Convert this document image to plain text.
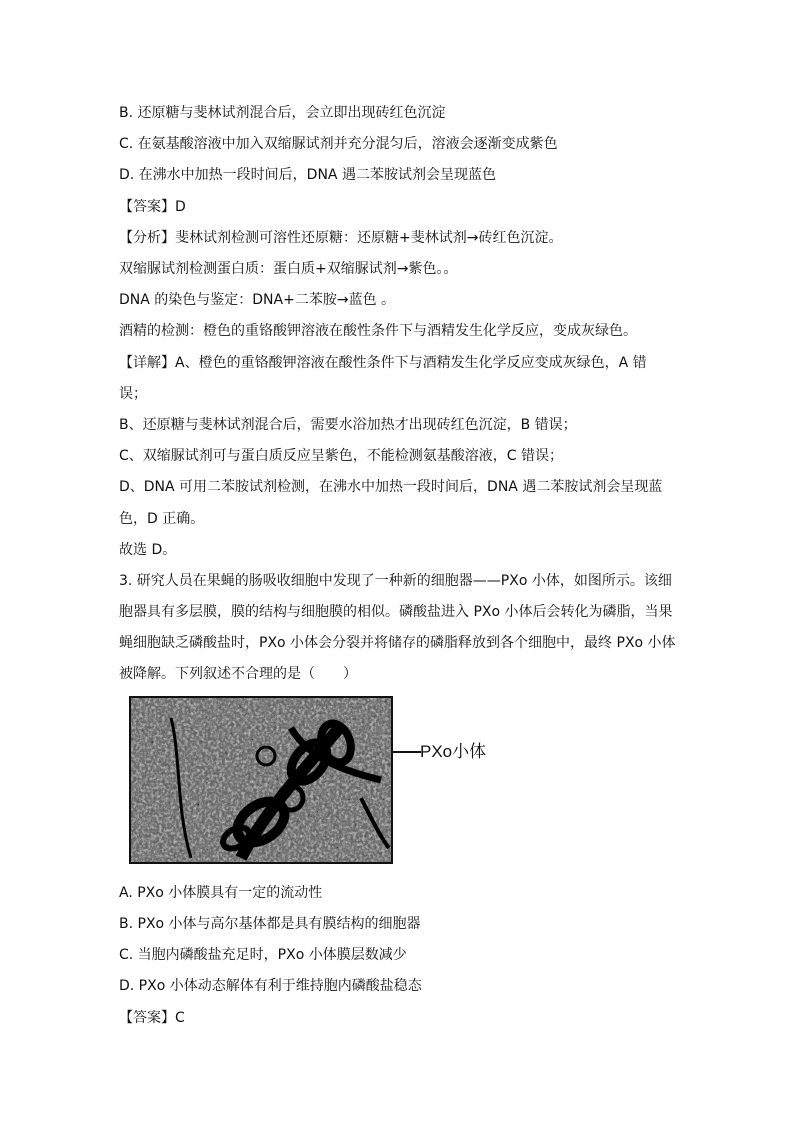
B. 还原糖与斐林试剂混合后，会立即出现砖红色沉淀
C. 在氨基酸溶液中加入双缩脲试剂并充分混匀后，溶液会逐渐变成紫色
D. 在沸水中加热一段时间后，DNA 遇二苯胺试剂会呈现蓝色
【答案】D
【分析】斐林试剂检测可溶性还原糖：还原糖+斐林试剂→砖红色沉淀。
双缩脲试剂检测蛋白质：蛋白质+双缩脲试剂→紫色。。
DNA 的染色与鉴定：DNA+二苯胺→蓝色 。
酒精的检测：橙色的重铬酸钾溶液在酸性条件下与酒精发生化学反应，变成灰绿色。
【详解】A、橙色的重铬酸钾溶液在酸性条件下与酒精发生化学反应变成灰绿色，A 错
误；
B、还原糖与斐林试剂混合后，需要水浴加热才出现砖红色沉淀，B 错误；
C、双缩脲试剂可与蛋白质反应呈紫色，不能检测氨基酸溶液，C 错误；
D、DNA 可用二苯胺试剂检测，在沸水中加热一段时间后，DNA 遇二苯胺试剂会呈现蓝
色，D 正确。
故选 D。
3. 研究人员在果蝇的肠吸收细胞中发现了一种新的细胞器——PXo 小体，如图所示。该细
胞器具有多层膜，膜的结构与细胞膜的相似。磷酸盐进入 PXo 小体后会转化为磷脂，当果
蝇细胞缺乏磷酸盐时，PXo 小体会分裂并将储存的磷脂释放到各个细胞中，最终 PXo 小体
被降解。下列叙述不合理的是（　　）
PXo小体
A. PXo 小体膜具有一定的流动性
B. PXo 小体与高尔基体都是具有膜结构的细胞器
C. 当胞内磷酸盐充足时，PXo 小体膜层数减少
D. PXo 小体动态解体有利于维持胞内磷酸盐稳态
【答案】C
